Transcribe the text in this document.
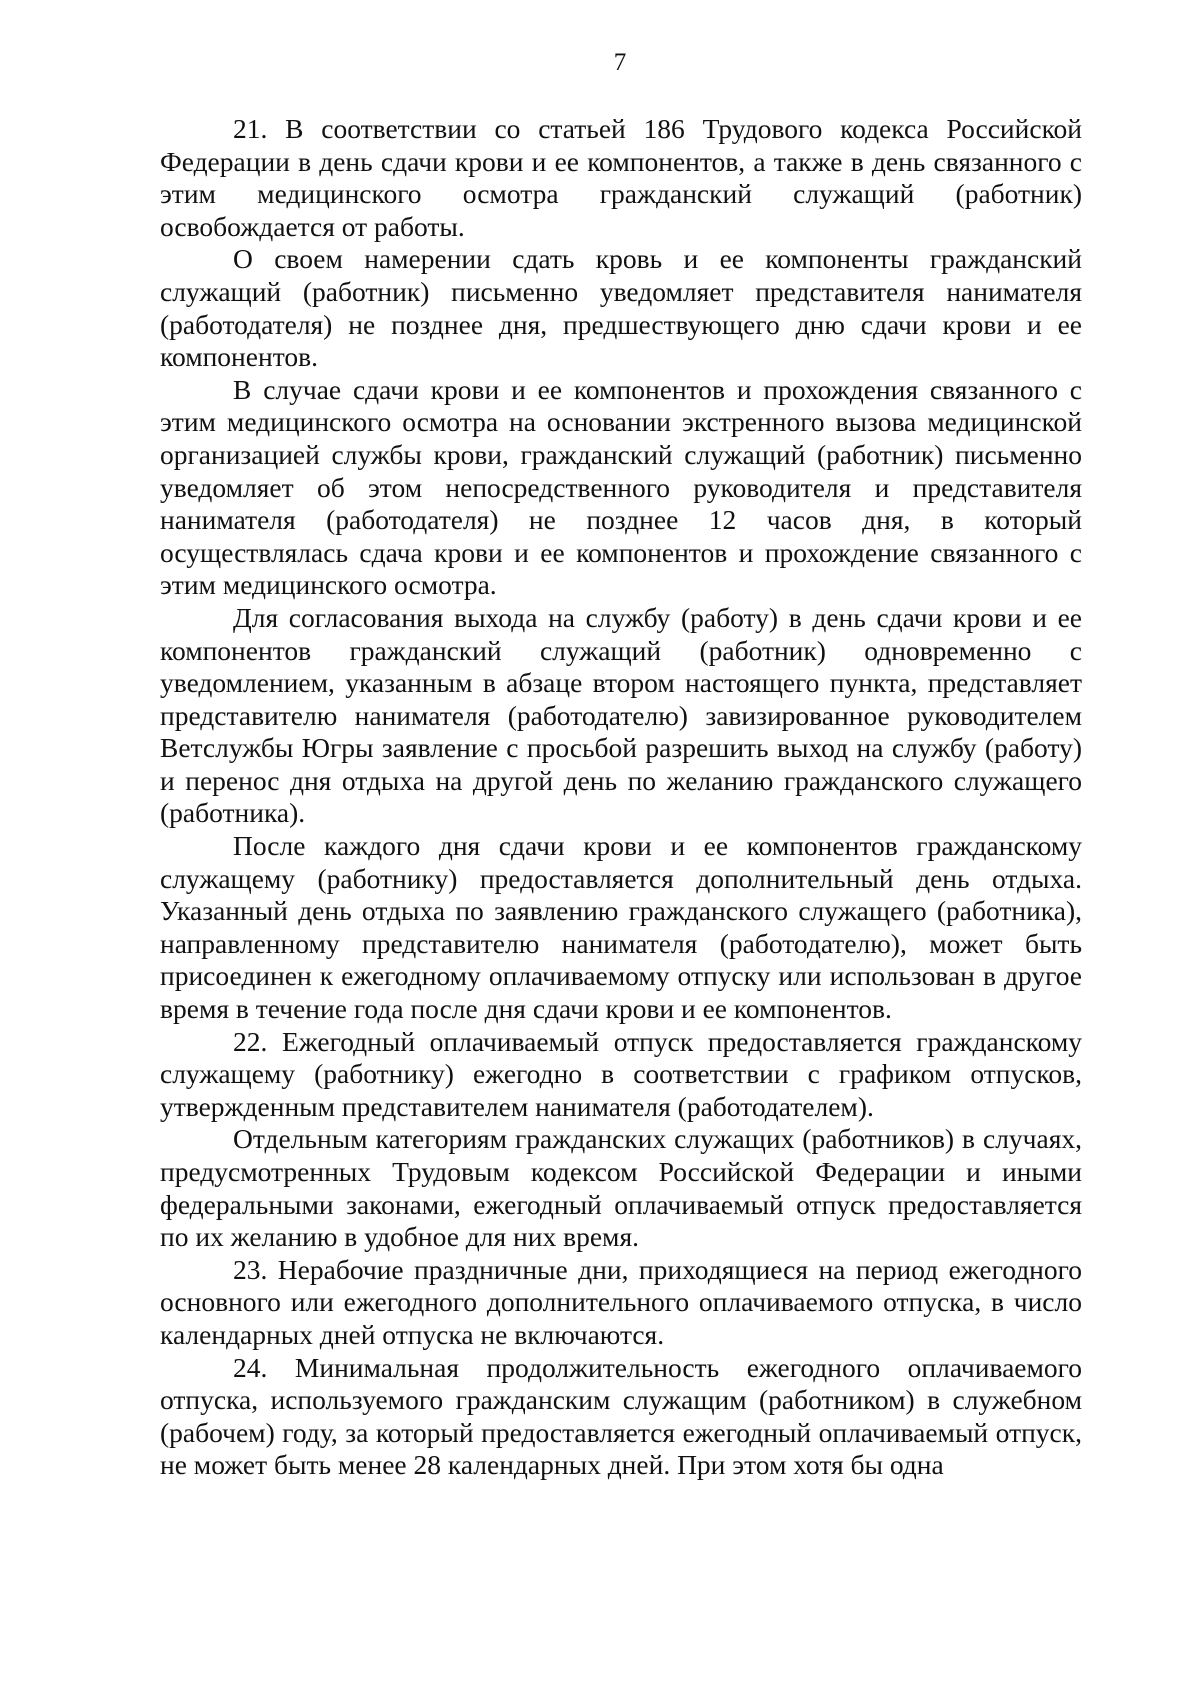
7

21. В соответствии со статьей 186 Трудового кодекса Российской Федерации в день сдачи крови и ее компонентов, а также в день связанного с этим медицинского осмотра гражданский служащий (работник) освобождается от работы.

О своем намерении сдать кровь и ее компоненты гражданский служащий (работник) письменно уведомляет представителя нанимателя (работодателя) не позднее дня, предшествующего дню сдачи крови и ее компонентов.

В случае сдачи крови и ее компонентов и прохождения связанного с этим медицинского осмотра на основании экстренного вызова медицинской организацией службы крови, гражданский служащий (работник) письменно уведомляет об этом непосредственного руководителя и представителя нанимателя (работодателя) не позднее 12 часов дня, в который осуществлялась сдача крови и ее компонентов и прохождение связанного с этим медицинского осмотра.

Для согласования выхода на службу (работу) в день сдачи крови и ее компонентов гражданский служащий (работник) одновременно с уведомлением, указанным в абзаце втором настоящего пункта, представляет представителю нанимателя (работодателю) завизированное руководителем Ветслужбы Югры заявление с просьбой разрешить выход на службу (работу) и перенос дня отдыха на другой день по желанию гражданского служащего (работника).

После каждого дня сдачи крови и ее компонентов гражданскому служащему (работнику) предоставляется дополнительный день отдыха. Указанный день отдыха по заявлению гражданского служащего (работника), направленному представителю нанимателя (работодателю), может быть присоединен к ежегодному оплачиваемому отпуску или использован в другое время в течение года после дня сдачи крови и ее компонентов.

22. Ежегодный оплачиваемый отпуск предоставляется гражданскому служащему (работнику) ежегодно в соответствии с графиком отпусков, утвержденным представителем нанимателя (работодателем).

Отдельным категориям гражданских служащих (работников) в случаях, предусмотренных Трудовым кодексом Российской Федерации и иными федеральными законами, ежегодный оплачиваемый отпуск предоставляется по их желанию в удобное для них время.

23. Нерабочие праздничные дни, приходящиеся на период ежегодного основного или ежегодного дополнительного оплачиваемого отпуска, в число календарных дней отпуска не включаются.

24. Минимальная продолжительность ежегодного оплачиваемого отпуска, используемого гражданским служащим (работником) в служебном (рабочем) году, за который предоставляется ежегодный оплачиваемый отпуск, не может быть менее 28 календарных дней. При этом хотя бы одна
